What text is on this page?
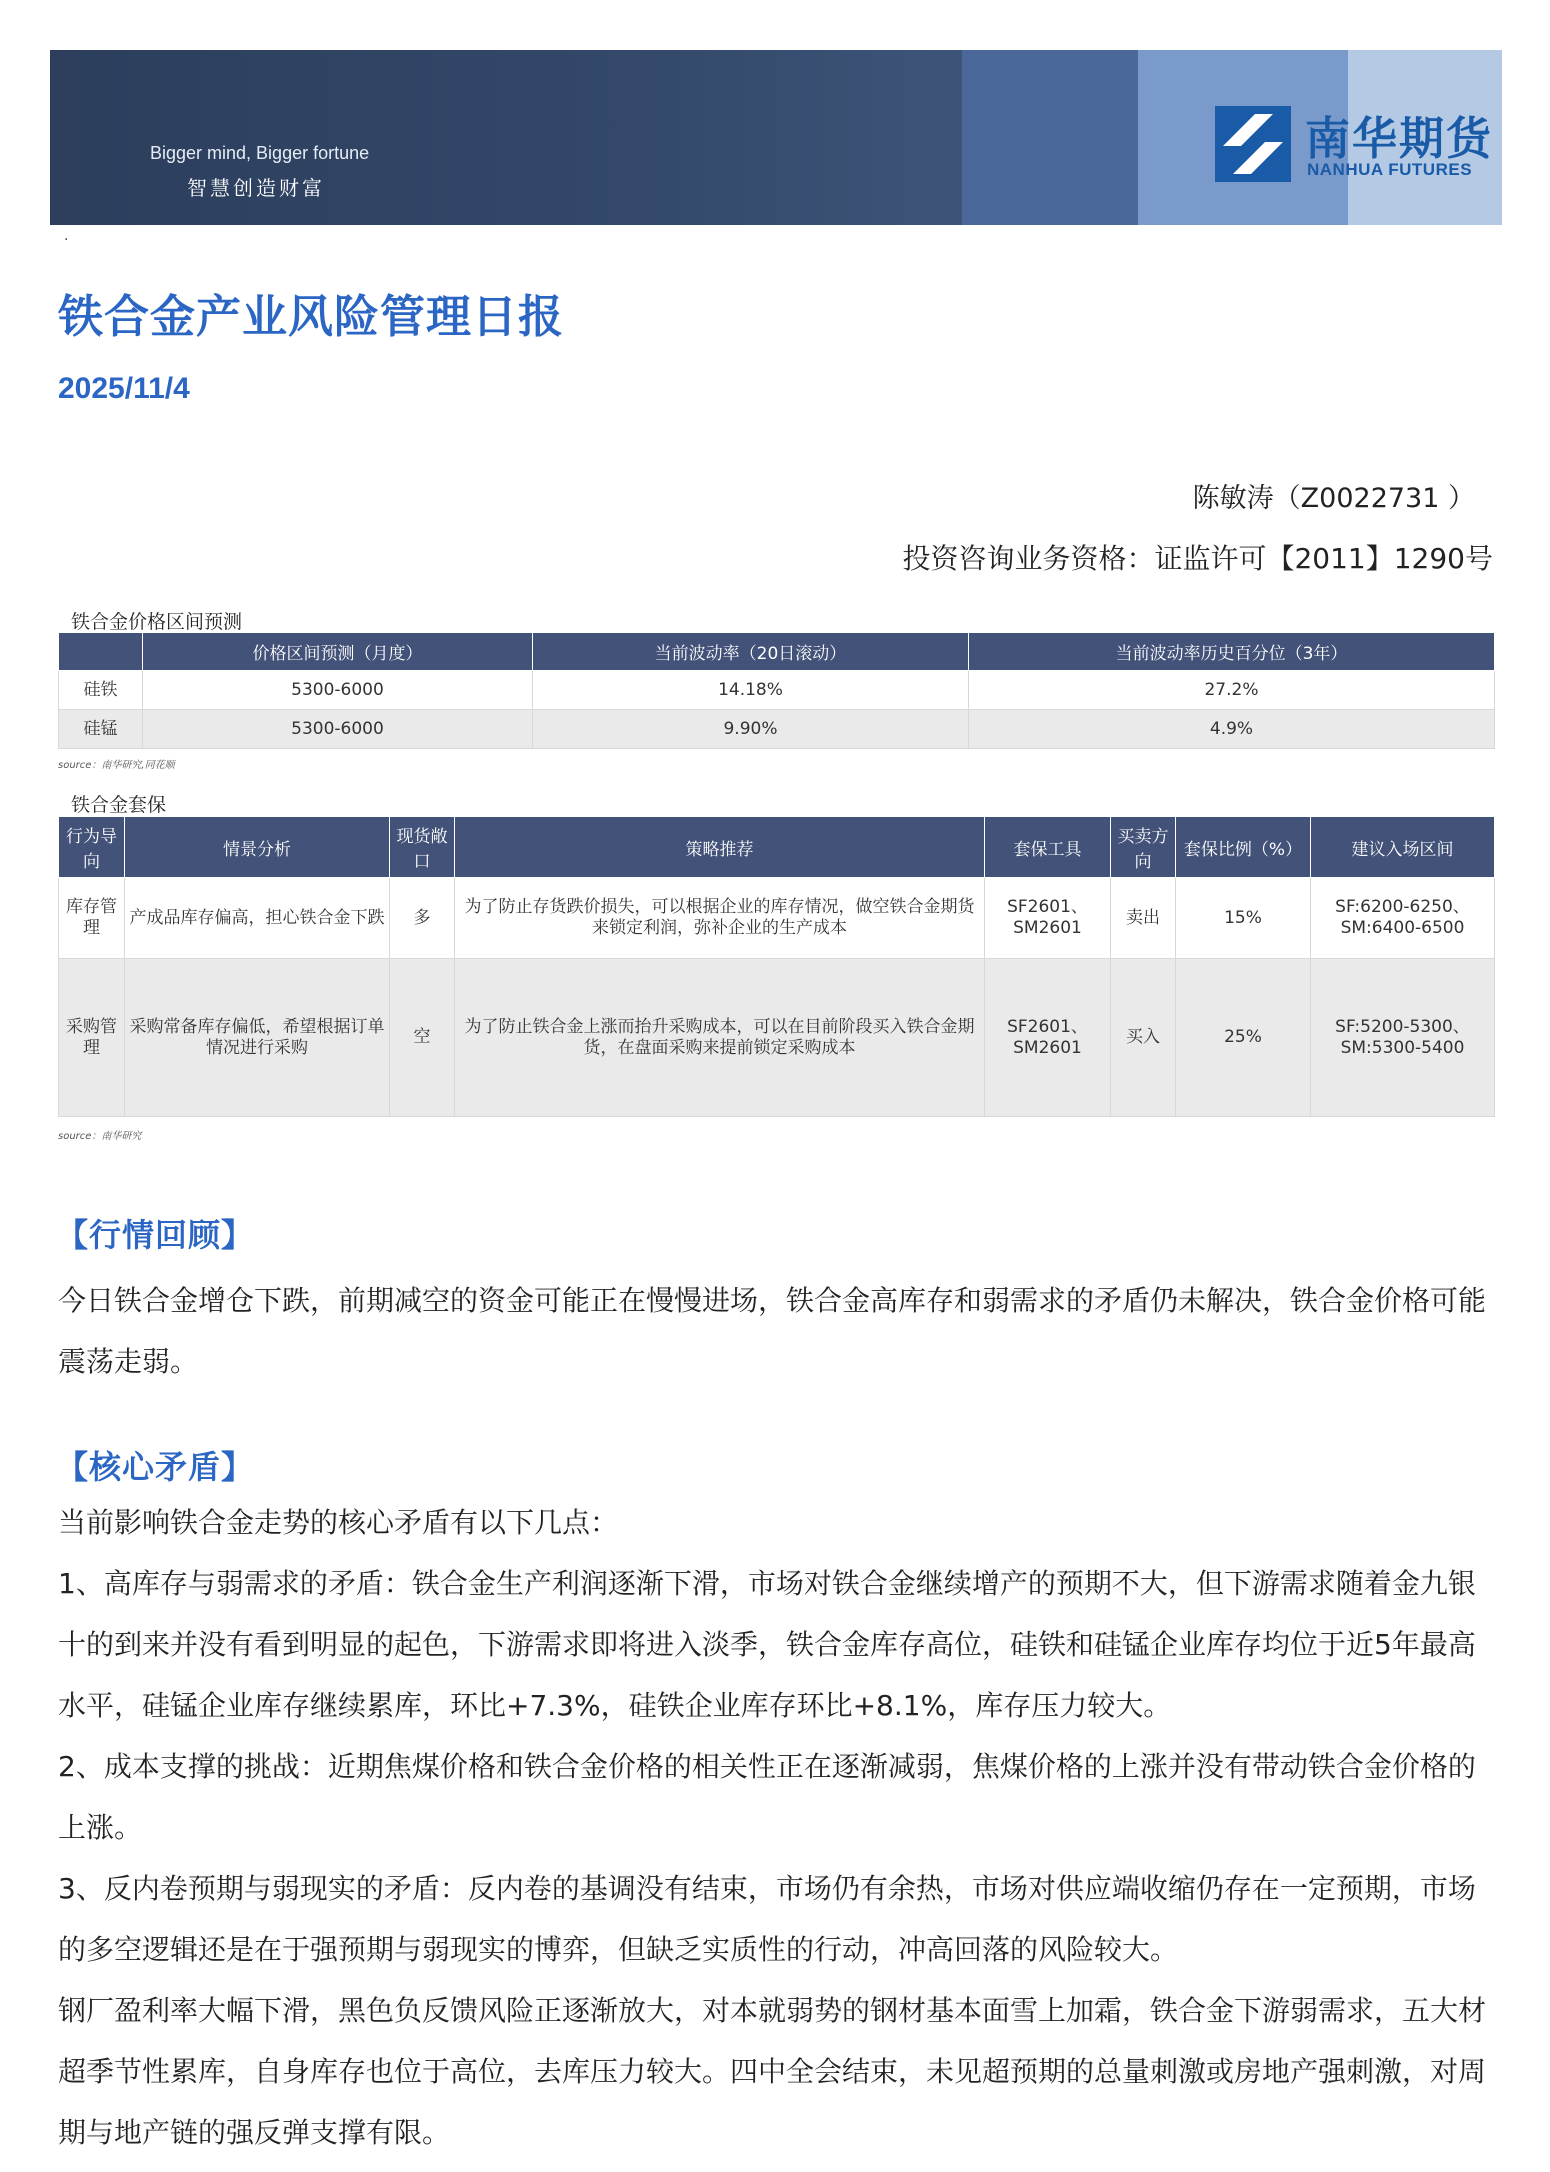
Bigger mind, Bigger fortune
智慧创造财富
南华期货
NANHUA FUTURES
.
铁合金产业风险管理日报
2025/11/4
陈敏涛（Z0022731 ）
投资咨询业务资格：证监许可【2011】1290号
铁合金价格区间预测
	价格区间预测（月度）	当前波动率（20日滚动）	当前波动率历史百分位（3年）
硅铁	5300-6000	14.18%	27.2%
硅锰	5300-6000	9.90%	4.9%
source：南华研究,同花顺
铁合金套保
行为导向	情景分析	现货敞口	策略推荐	套保工具	买卖方向	套保比例（%）	建议入场区间
库存管理	产成品库存偏高，担心铁合金下跌	多	为了防止存货跌价损失，可以根据企业的库存情况，做空铁合金期货来锁定利润，弥补企业的生产成本	SF2601、SM2601	卖出	15%	SF:6200-6250、SM:6400-6500
采购管理	采购常备库存偏低，希望根据订单情况进行采购	空	为了防止铁合金上涨而抬升采购成本，可以在目前阶段买入铁合金期货，在盘面采购来提前锁定采购成本	SF2601、SM2601	买入	25%	SF:5200-5300、SM:5300-5400
source：南华研究
【行情回顾】

今日铁合金增仓下跌，前期减空的资金可能正在慢慢进场，铁合金高库存和弱需求的矛盾仍未解决，铁合金价格可能震荡走弱。

【核心矛盾】

当前影响铁合金走势的核心矛盾有以下几点：

1、高库存与弱需求的矛盾：铁合金生产利润逐渐下滑，市场对铁合金继续增产的预期不大，但下游需求随着金九银十的到来并没有看到明显的起色，下游需求即将进入淡季，铁合金库存高位，硅铁和硅锰企业库存均位于近5年最高水平，硅锰企业库存继续累库，环比+7.3%，硅铁企业库存环比+8.1%，库存压力较大。

2、成本支撑的挑战：近期焦煤价格和铁合金价格的相关性正在逐渐减弱，焦煤价格的上涨并没有带动铁合金价格的上涨。

3、反内卷预期与弱现实的矛盾：反内卷的基调没有结束，市场仍有余热，市场对供应端收缩仍存在一定预期，市场的多空逻辑还是在于强预期与弱现实的博弈，但缺乏实质性的行动，冲高回落的风险较大。

钢厂盈利率大幅下滑，黑色负反馈风险正逐渐放大，对本就弱势的钢材基本面雪上加霜，铁合金下游弱需求，五大材超季节性累库，自身库存也位于高位，去库压力较大。四中全会结束，未见超预期的总量刺激或房地产强刺激，对周期与地产链的强反弹支撑有限。
